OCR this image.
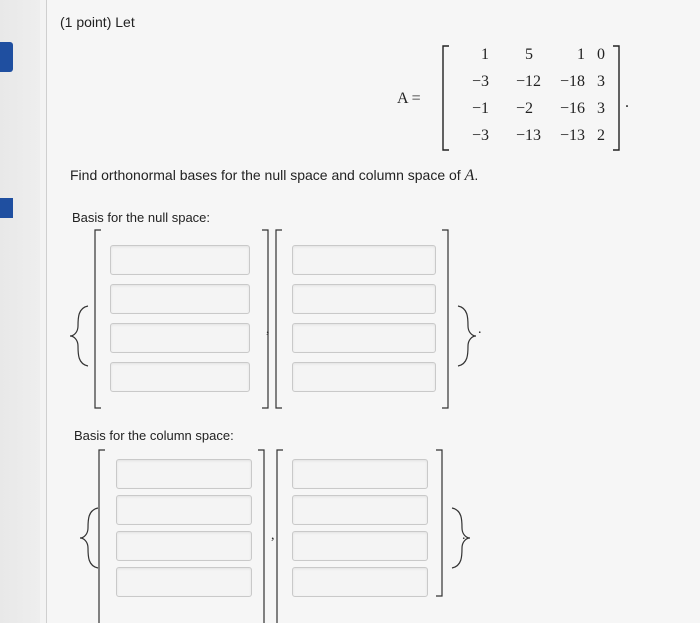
(1 point) Let
A =
1	5	1 0
−3	−12	−18 3
−1	−2	−16 3
−3	−13	−13 2
.
Find orthonormal bases for the null space and column space of A.
Basis for the null space:
,	.
Basis for the column space:
,	.
